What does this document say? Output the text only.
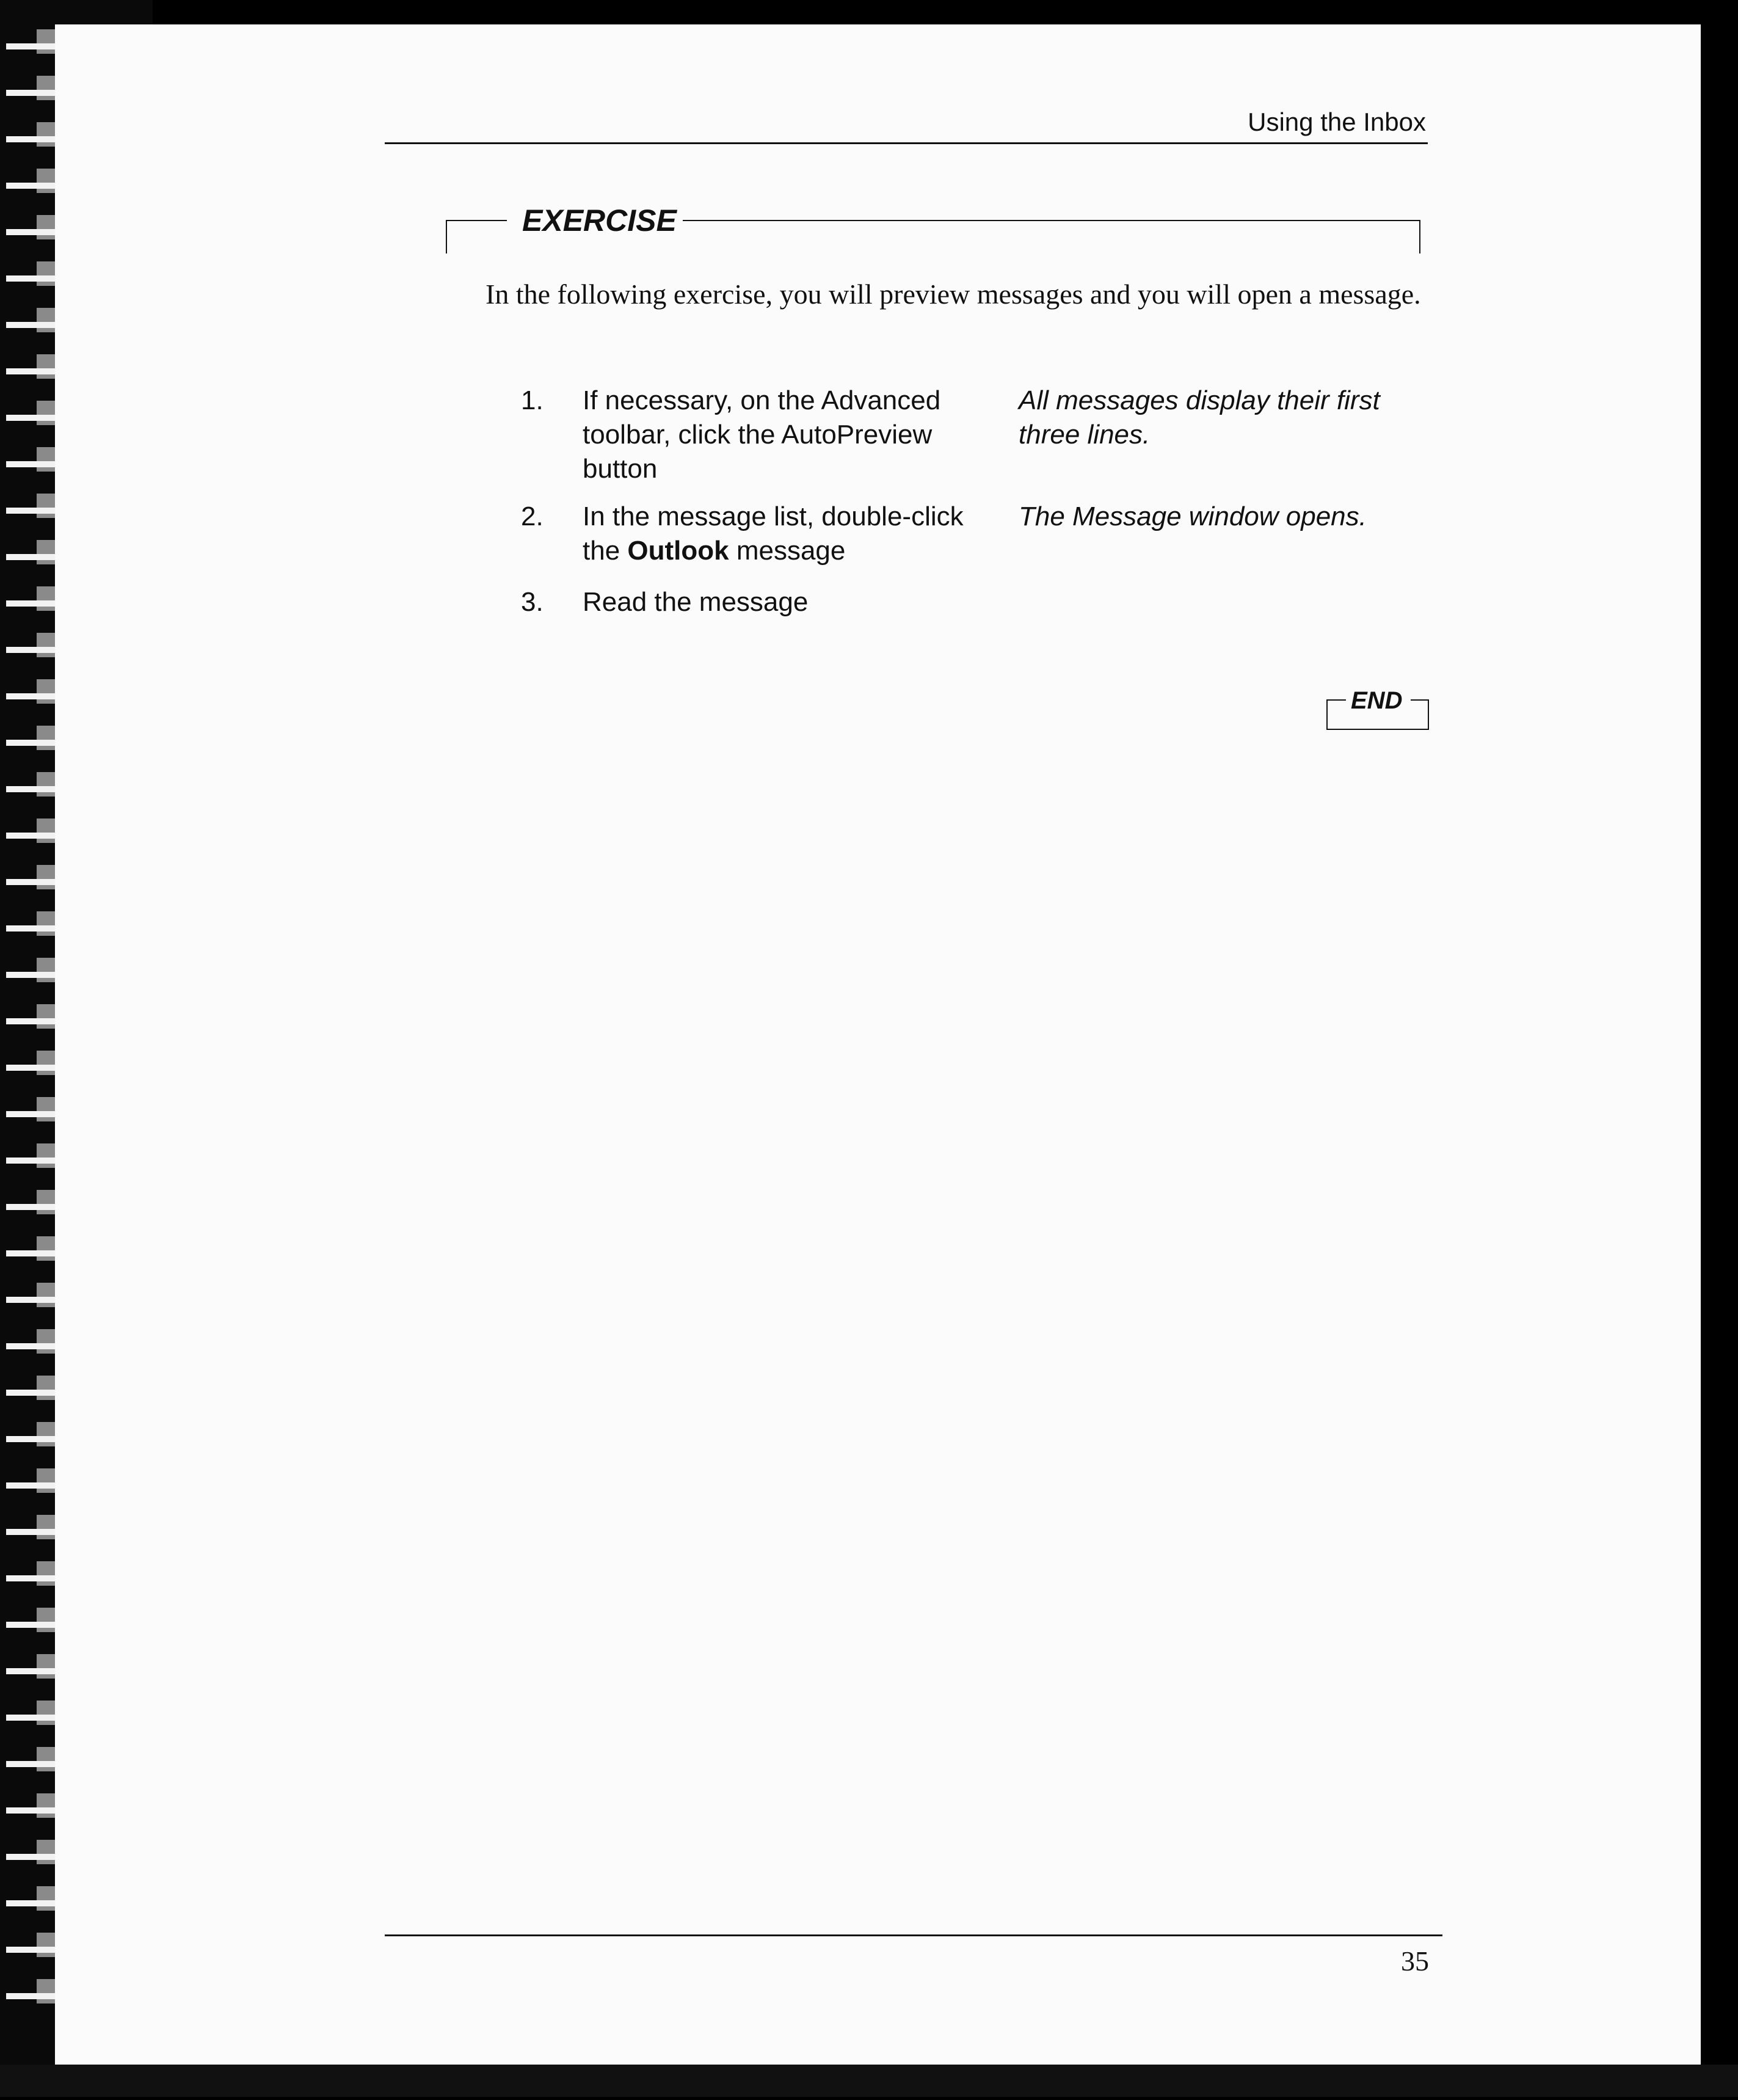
Using the Inbox
EXERCISE
In the following exercise, you will preview messages and you will open a message.
1. If necessary, on the Advanced toolbar, click the AutoPreview button
All messages display their first three lines.
2. In the message list, double-click the Outlook message
The Message window opens.
3. Read the message
END
35
